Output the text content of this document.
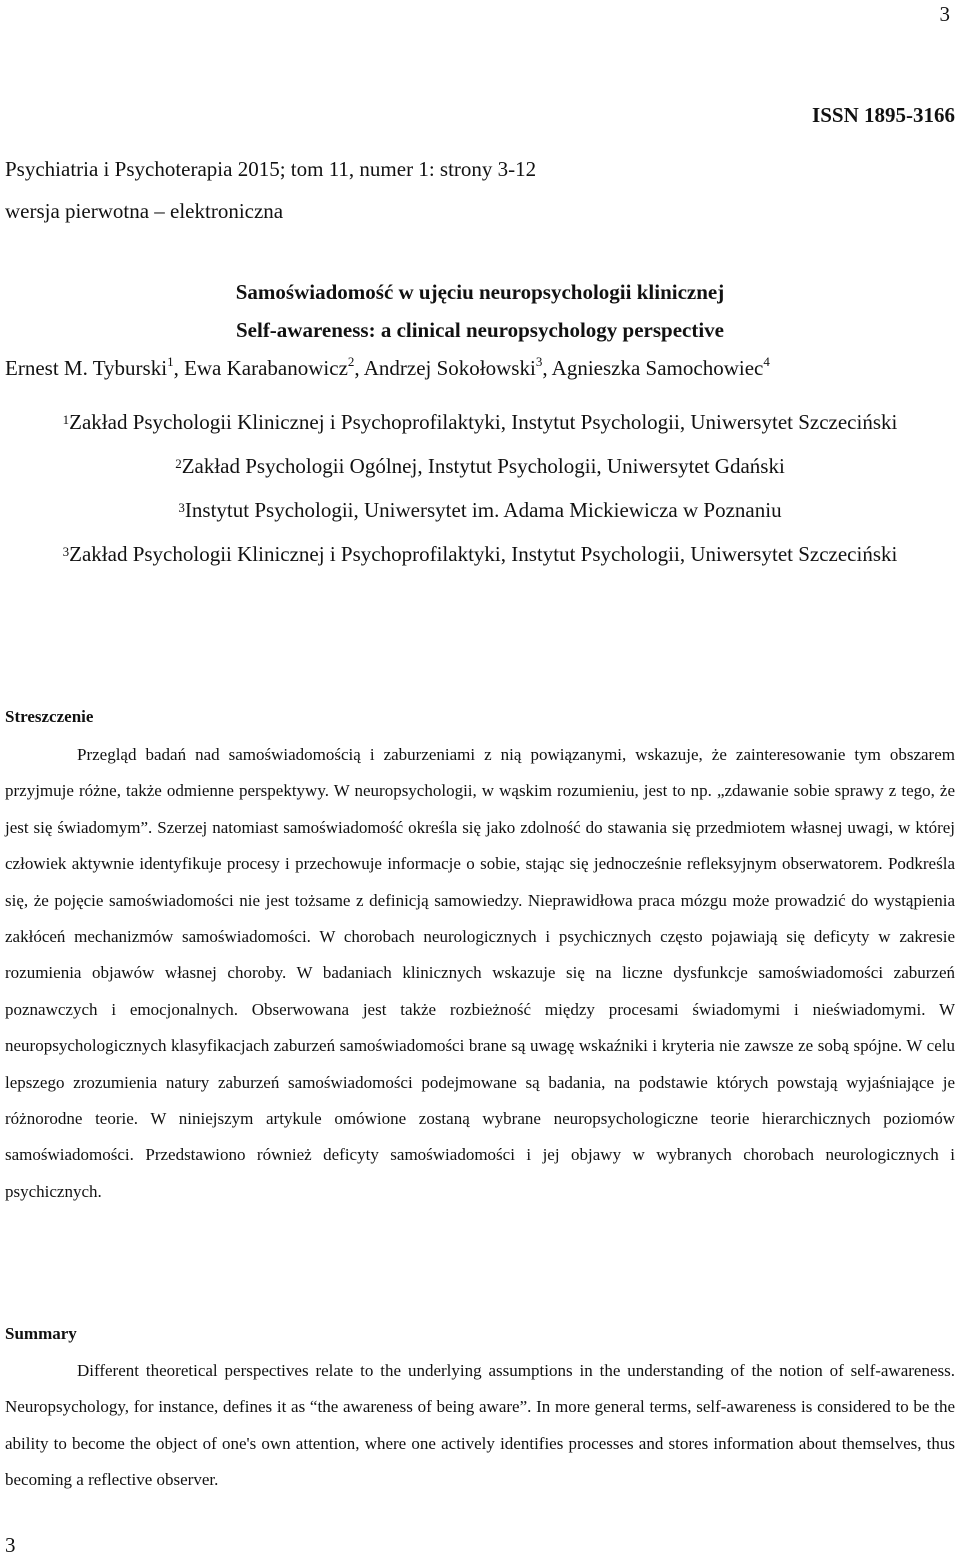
3
ISSN 1895-3166
Psychiatria i Psychoterapia 2015; tom 11, numer 1: strony 3-12
wersja pierwotna – elektroniczna
Samoświadomość w ujęciu neuropsychologii klinicznej
Self-awareness: a clinical neuropsychology perspective
Ernest M. Tyburski$^1$, Ewa Karabanowicz$^2$, Andrzej Sokołowski$^3$, Agnieszka Samochowiec$^4$
$^1$Zakład Psychologii Klinicznej i Psychoprofilaktyki, Instytut Psychologii, Uniwersytet Szczeciński
$^2$Zakład Psychologii Ogólnej, Instytut Psychologii, Uniwersytet Gdański
$^3$Instytut Psychologii, Uniwersytet im. Adama Mickiewicza w Poznaniu
$^3$Zakład Psychologii Klinicznej i Psychoprofilaktyki, Instytut Psychologii, Uniwersytet Szczeciński
Streszczenie

Przegląd badań nad samoświadomością i zaburzeniami z nią powiązanymi, wskazuje, że zainteresowanie tym obszarem przyjmuje różne, także odmienne perspektywy. W neuropsychologii, w wąskim rozumieniu, jest to np. „zdawanie sobie sprawy z tego, że jest się świadomym”. Szerzej natomiast samoświadomość określa się jako zdolność do stawania się przedmiotem własnej uwagi, w której człowiek aktywnie identyfikuje procesy i przechowuje informacje o sobie, stając się jednocześnie refleksyjnym obserwatorem. Podkreśla się, że pojęcie samoświadomości nie jest tożsame z definicją samowiedzy. Nieprawidłowa praca mózgu może prowadzić do wystąpienia zakłóceń mechanizmów samoświadomości. W chorobach neurologicznych i psychicznych często pojawiają się deficyty w zakresie rozumienia objawów własnej choroby. W badaniach klinicznych wskazuje się na liczne dysfunkcje samoświadomości zaburzeń poznawczych i emocjonalnych. Obserwowana jest także rozbieżność między procesami świadomymi i nieświadomymi. W neuropsychologicznych klasyfikacjach zaburzeń samoświadomości brane są uwagę wskaźniki i kryteria nie zawsze ze sobą spójne. W celu lepszego zrozumienia natury zaburzeń samoświadomości podejmowane są badania, na podstawie których powstają wyjaśniające je różnorodne teorie. W niniejszym artykule omówione zostaną wybrane neuropsychologiczne teorie hierarchicznych poziomów samoświadomości. Przedstawiono również deficyty samoświadomości i jej objawy w wybranych chorobach neurologicznych i psychicznych.

Summary

Different theoretical perspectives relate to the underlying assumptions in the understanding of the notion of self-awareness. Neuropsychology, for instance, defines it as “the awareness of being aware”. In more general terms, self-awareness is considered to be the ability to become the object of one's own attention, where one actively identifies processes and stores information about themselves, thus becoming a reflective observer.

3
